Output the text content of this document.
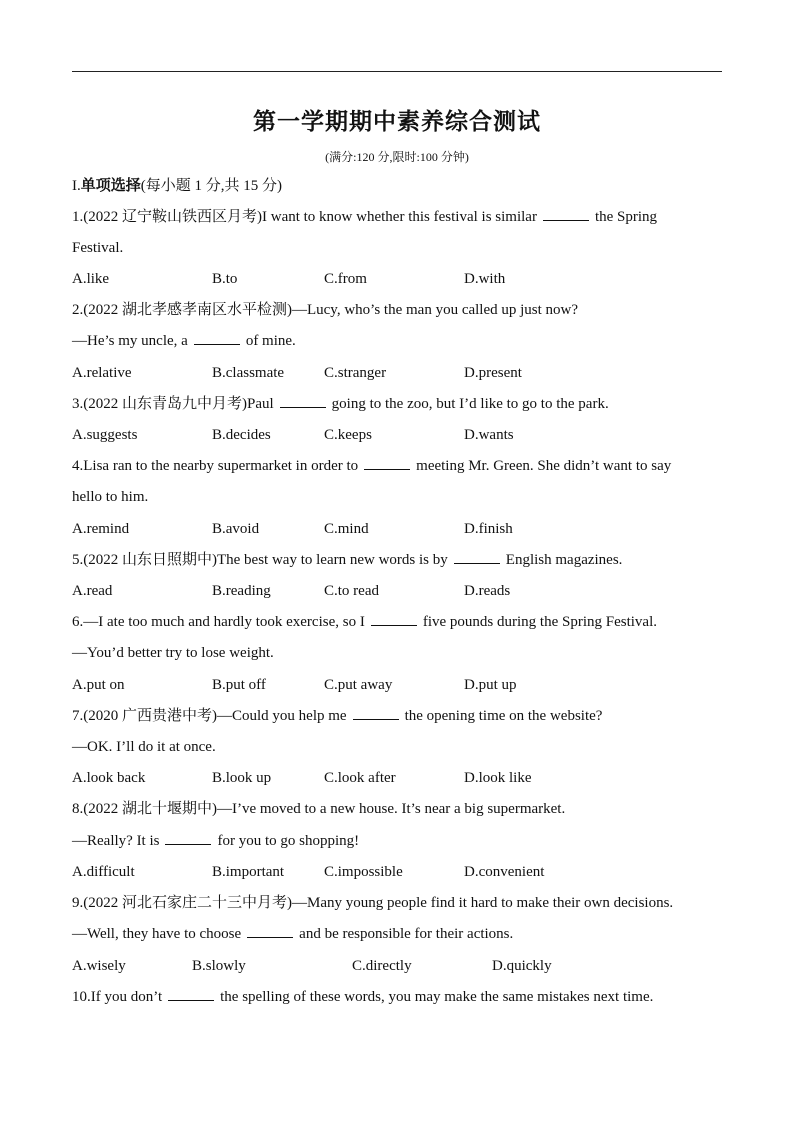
第一学期期中素养综合测试
(满分:120 分,限时:100 分钟)
I.单项选择(每小题 1 分,共 15 分)
1.(2022 辽宁鞍山铁西区月考)I want to know whether this festival is similar	the Spring
Festival.
A.like	B.to	C.from	D.with
2.(2022 湖北孝感孝南区水平检测)—Lucy, who’s the man you called up just now?
—He’s my uncle, a	of mine.
A.relative	B.classmate	C.stranger	D.present
3.(2022 山东青岛九中月考)Paul	going to the zoo, but I’d like to go to the park.
A.suggests	B.decides	C.keeps	D.wants
4.Lisa ran to the nearby supermarket in order to	meeting Mr. Green. She didn’t want to say
hello to him.
A.remind	B.avoid	C.mind	D.finish
5.(2022 山东日照期中)The best way to learn new words is by	English magazines.
A.read	B.reading	C.to read	D.reads
6.—I ate too much and hardly took exercise, so I	five pounds during the Spring Festival.
—You’d better try to lose weight.
A.put on	B.put off	C.put away	D.put up
7.(2020 广西贵港中考)—Could you help me	the opening time on the website?
—OK. I’ll do it at once.
A.look back	B.look up	C.look after	D.look like
8.(2022 湖北十堰期中)—I’ve moved to a new house. It’s near a big supermarket.
—Really? It is	for you to go shopping!
A.difficult	B.important	C.impossible	D.convenient
9.(2022 河北石家庄二十三中月考)—Many young people find it hard to make their own decisions.
—Well, they have to choose	and be responsible for their actions.
A.wisely	B.slowly	C.directly	D.quickly
10.If you don’t	the spelling of these words, you may make the same mistakes next time.
